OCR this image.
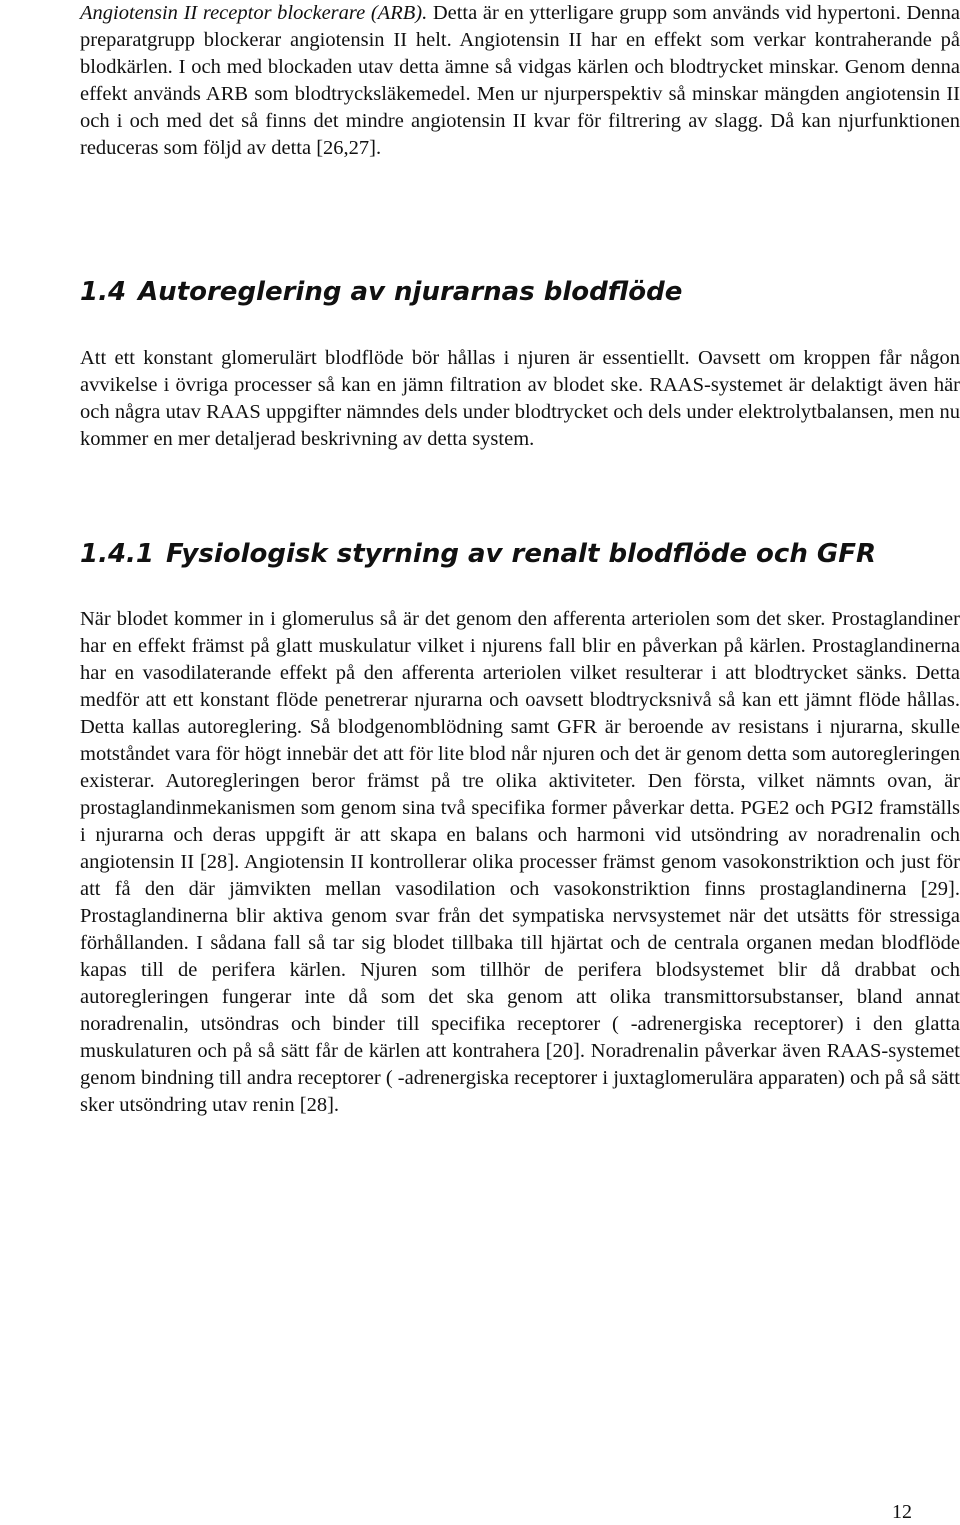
Angiotensin II receptor blockerare (ARB). Detta är en ytterligare grupp som används vid hypertoni. Denna preparatgrupp blockerar angiotensin II helt. Angiotensin II har en effekt som verkar kontraherande på blodkärlen. I och med blockaden utav detta ämne så vidgas kärlen och blodtrycket minskar. Genom denna effekt används ARB som blodtrycksläkemedel. Men ur njurperspektiv så minskar mängden angiotensin II och i och med det så finns det mindre angiotensin II kvar för filtrering av slagg. Då kan njurfunktionen reduceras som följd av detta [26,27].

1.4 Autoreglering av njurarnas blodflöde

Att ett konstant glomerulärt blodflöde bör hållas i njuren är essentiellt. Oavsett om kroppen får någon avvikelse i övriga processer så kan en jämn filtration av blodet ske. RAAS-systemet är delaktigt även här och några utav RAAS uppgifter nämndes dels under blodtrycket och dels under elektrolytbalansen, men nu kommer en mer detaljerad beskrivning av detta system.

1.4.1 Fysiologisk styrning av renalt blodflöde och GFR

När blodet kommer in i glomerulus så är det genom den afferenta arteriolen som det sker. Prostaglandiner har en effekt främst på glatt muskulatur vilket i njurens fall blir en påverkan på kärlen. Prostaglandinerna har en vasodilaterande effekt på den afferenta arteriolen vilket resulterar i att blodtrycket sänks. Detta medför att ett konstant flöde penetrerar njurarna och oavsett blodtrycksnivå så kan ett jämnt flöde hållas. Detta kallas autoreglering. Så blodgenomblödning samt GFR är beroende av resistans i njurarna, skulle motståndet vara för högt innebär det att för lite blod når njuren och det är genom detta som autoregleringen existerar. Autoregleringen beror främst på tre olika aktiviteter. Den första, vilket nämnts ovan, är prostaglandinmekanismen som genom sina två specifika former påverkar detta. PGE2 och PGI2 framställs i njurarna och deras uppgift är att skapa en balans och harmoni vid utsöndring av noradrenalin och angiotensin II [28]. Angiotensin II kontrollerar olika processer främst genom vasokonstriktion och just för att få den där jämvikten mellan vasodilation och vasokonstriktion finns prostaglandinerna [29]. Prostaglandinerna blir aktiva genom svar från det sympatiska nervsystemet när det utsätts för stressiga förhållanden. I sådana fall så tar sig blodet tillbaka till hjärtat och de centrala organen medan blodflöde kapas till de perifera kärlen. Njuren som tillhör de perifera blodsystemet blir då drabbat och autoregleringen fungerar inte då som det ska genom att olika transmittorsubstanser, bland annat noradrenalin, utsöndras och binder till specifika receptorer ( -adrenergiska receptorer) i den glatta muskulaturen och på så sätt får de kärlen att kontrahera [20]. Noradrenalin påverkar även RAAS-systemet genom bindning till andra receptorer ( -adrenergiska receptorer i juxtaglomerulära apparaten) och på så sätt sker utsöndring utav renin [28].

12
